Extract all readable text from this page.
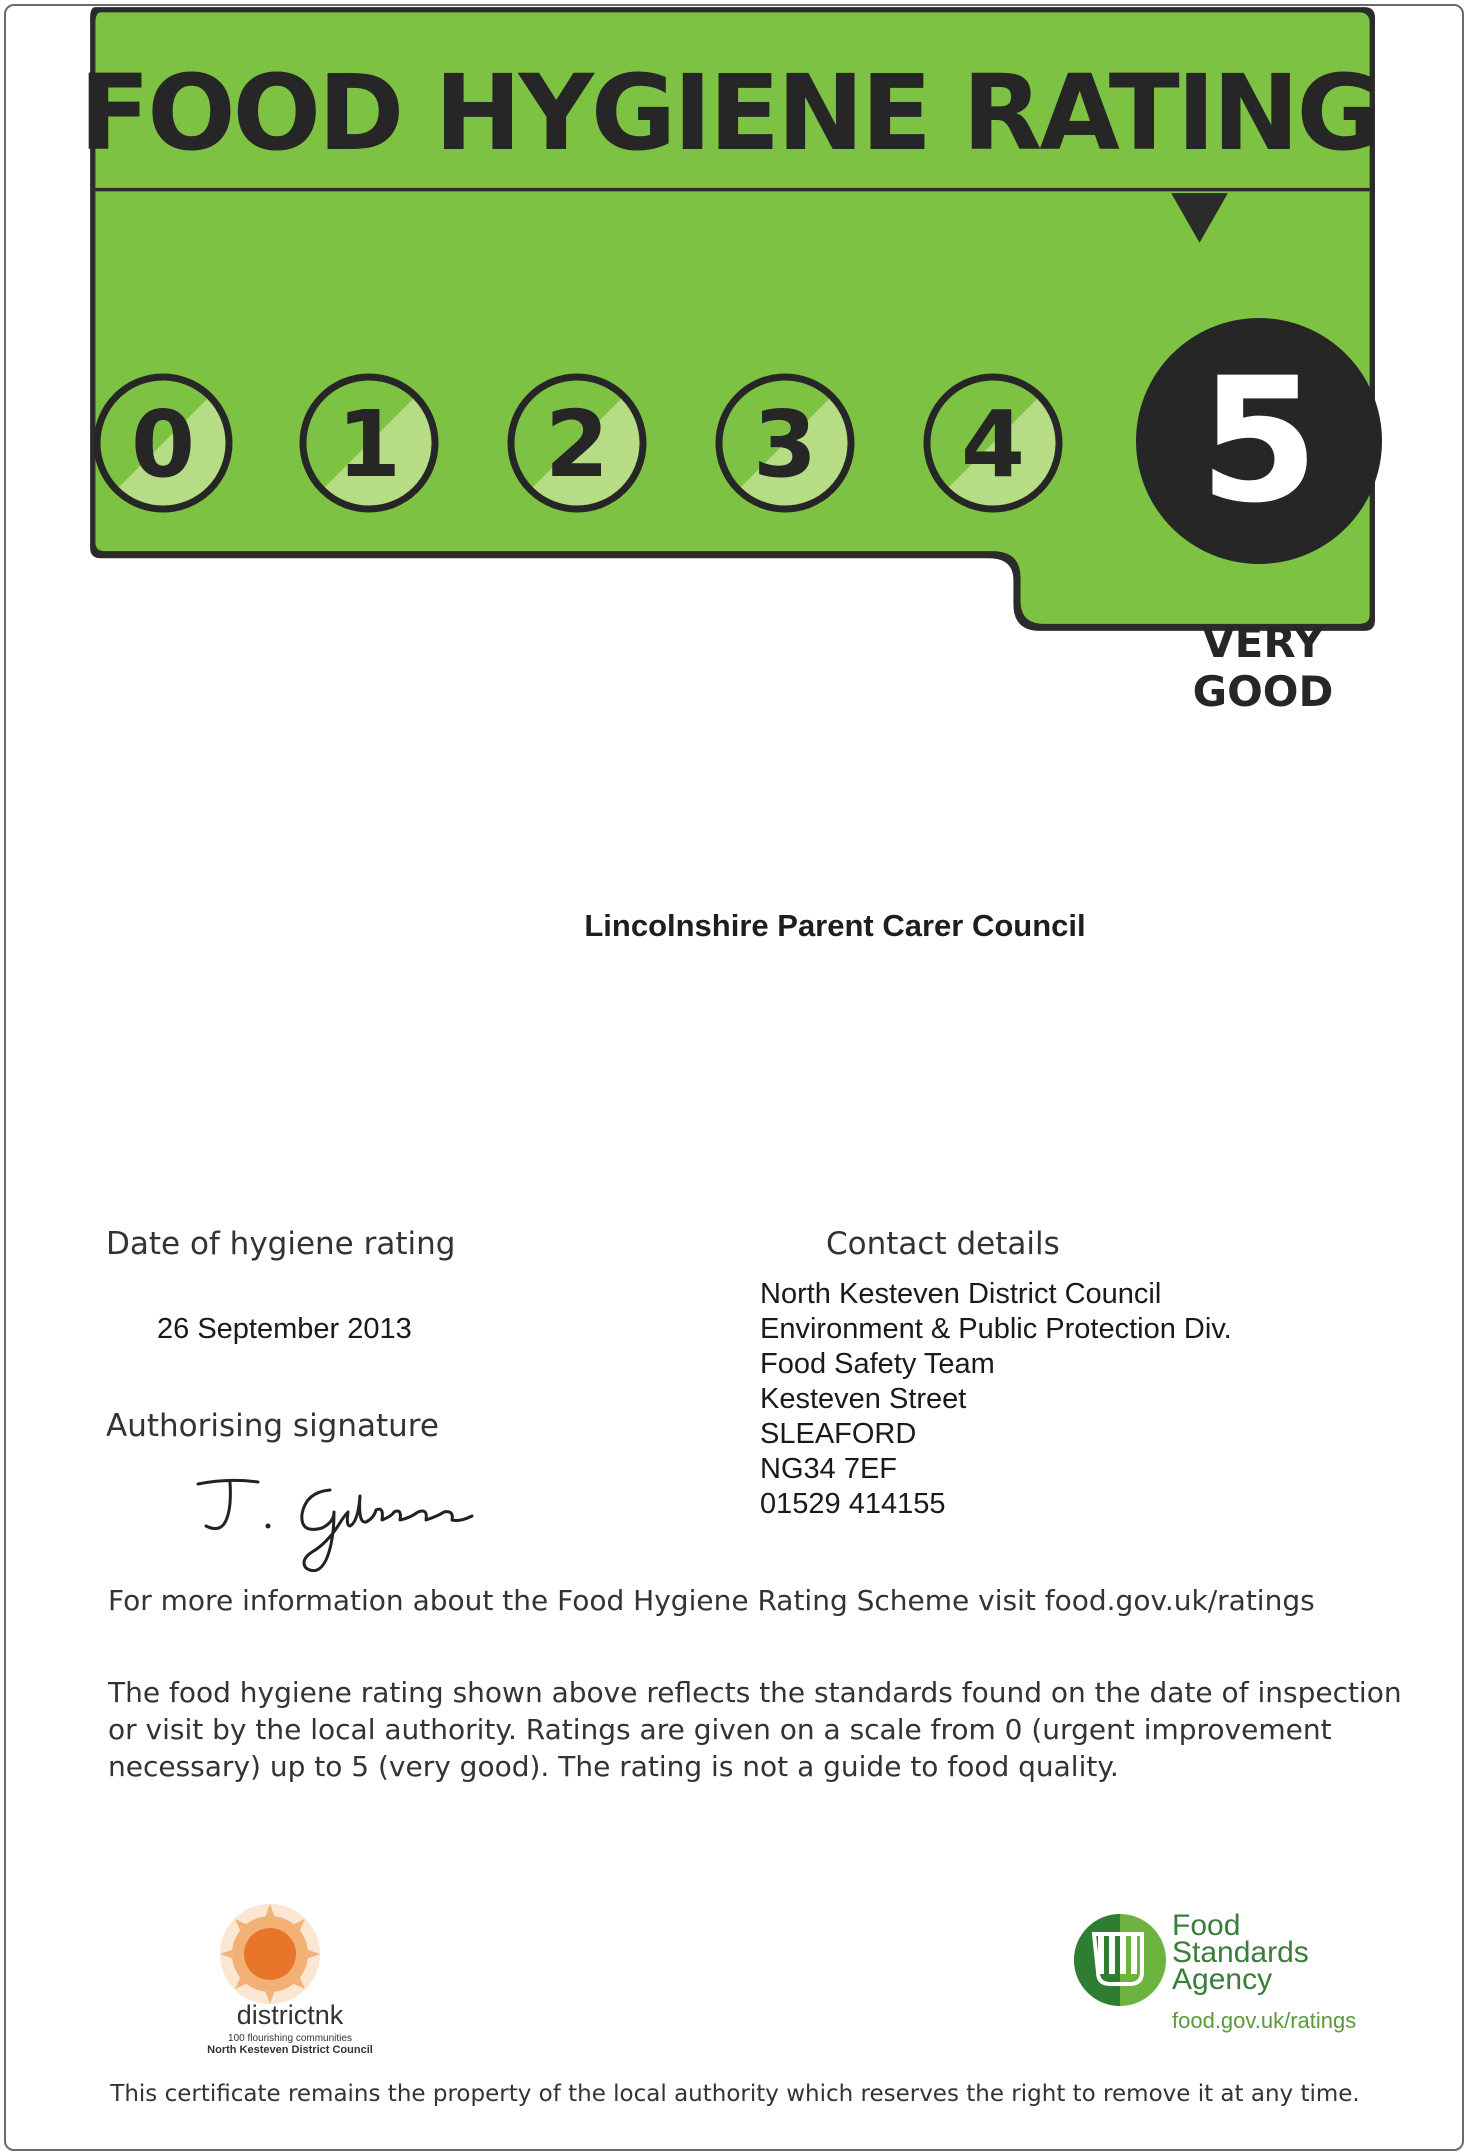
FOOD HYGIENE RATING
0 1 2 3 4 5
VERY GOOD
Lincolnshire Parent Carer Council
Date of hygiene rating
26 September 2013
Authorising signature
J. Gibson
Contact details
North Kesteven District Council
Environment & Public Protection Div.
Food Safety Team
Kesteven Street
SLEAFORD
NG34 7EF
01529 414155
For more information about the Food Hygiene Rating Scheme visit food.gov.uk/ratings
The food hygiene rating shown above reflects the standards found on the date of inspection or visit by the local authority. Ratings are given on a scale from 0 (urgent improvement necessary) up to 5 (very good). The rating is not a guide to food quality.
districtnk
100 flourishing communities
North Kesteven District Council
Food
Standards
Agency
food.gov.uk/ratings
This certificate remains the property of the local authority which reserves the right to remove it at any time.
